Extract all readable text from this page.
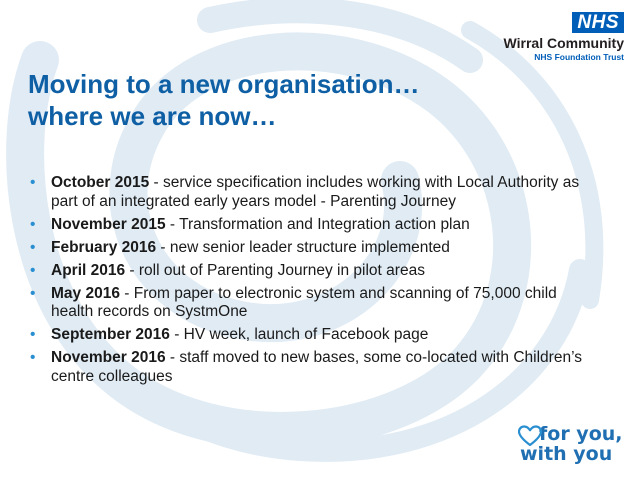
NHS
Wirral Community
NHS Foundation Trust
Moving to a new organisation…
where we are now…
• October 2015 - service specification includes working with Local Authority as part of an integrated early years model - Parenting Journey
• November 2015 - Transformation and Integration action plan
• February 2016 - new senior leader structure implemented
• April 2016 - roll out of Parenting Journey in pilot areas
• May 2016 - From paper to electronic system and scanning of 75,000 child health records on SystmOne
• September 2016 - HV week, launch of Facebook page
• November 2016 - staff moved to new bases, some co-located with Children’s centre colleagues
for you,
with you
